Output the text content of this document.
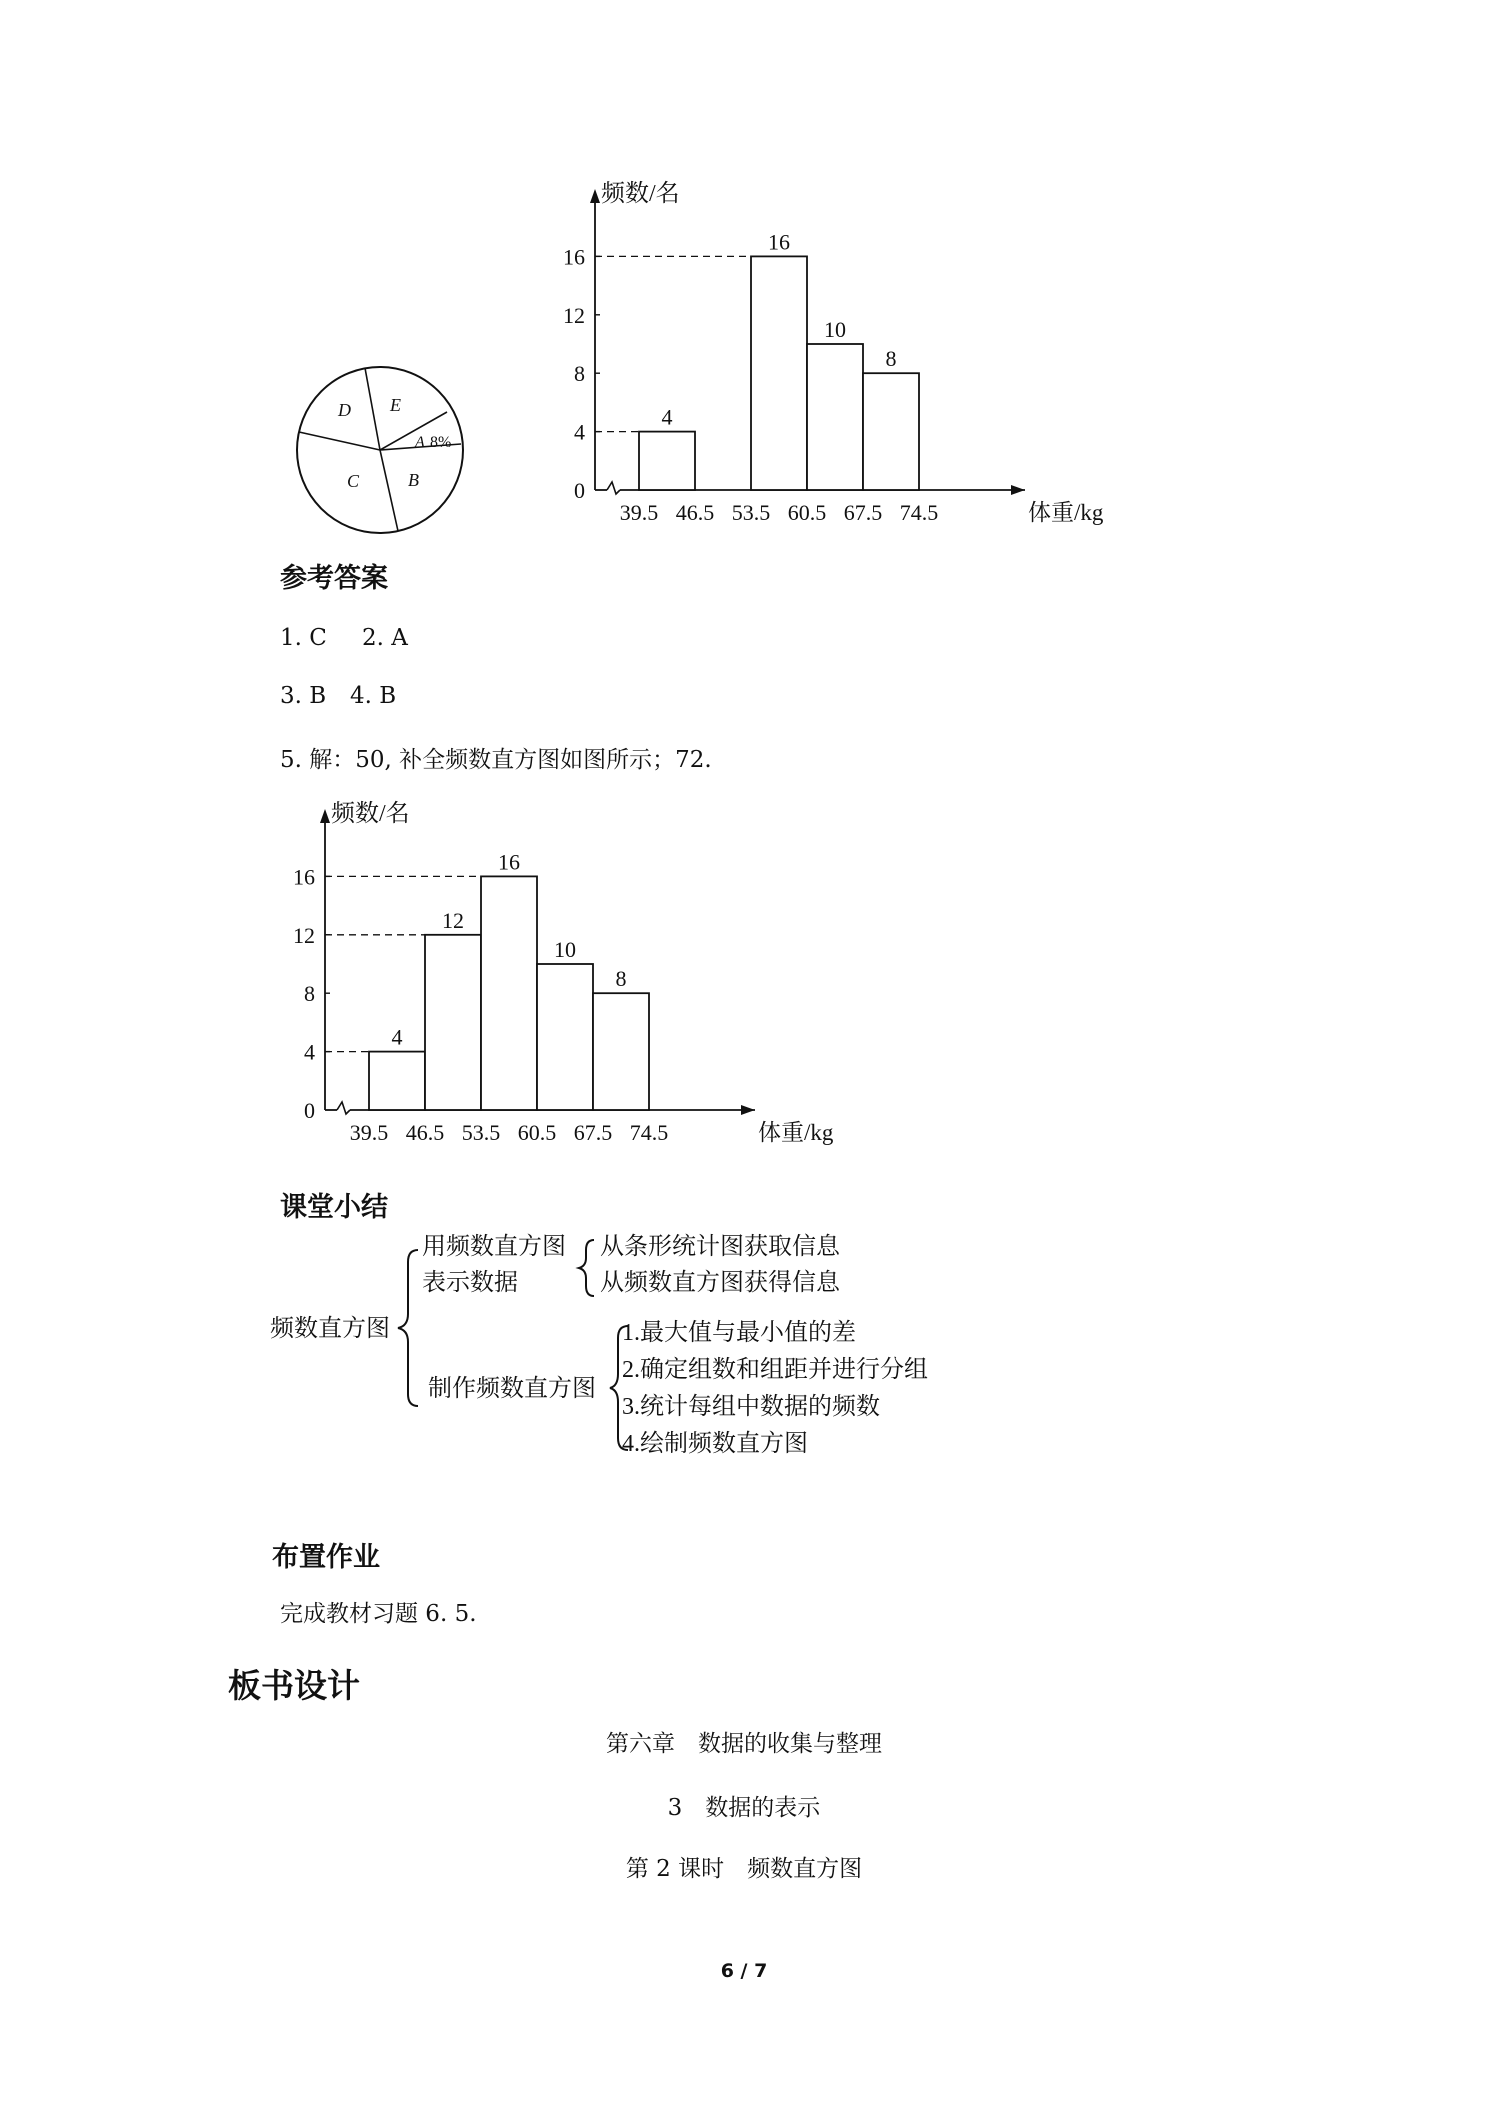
D E
A 8%
B
C
频数/名
体重/kg
0
4
8
12
16
39.5 46.5 53.5 60.5 67.5 74.5
4
16
10
8
参考答案
1. C 2. A
3. B 4. B
5. 解：50, 补全频数直方图如图所示；72.
频数/名
体重/kg
0
4
8
12
16
39.5 46.5 53.5 60.5 67.5 74.5
4
12
16
10
8
课堂小结
频数直方图
用频数直方图
表示数据
从条形统计图获取信息
从频数直方图获得信息
制作频数直方图
1.最大值与最小值的差
2.确定组数和组距并进行分组
3.统计每组中数据的频数
4.绘制频数直方图
布置作业
完成教材习题 6. 5.
板书设计
第六章　数据的收集与整理
3　数据的表示
第 2 课时　频数直方图
6 / 7
